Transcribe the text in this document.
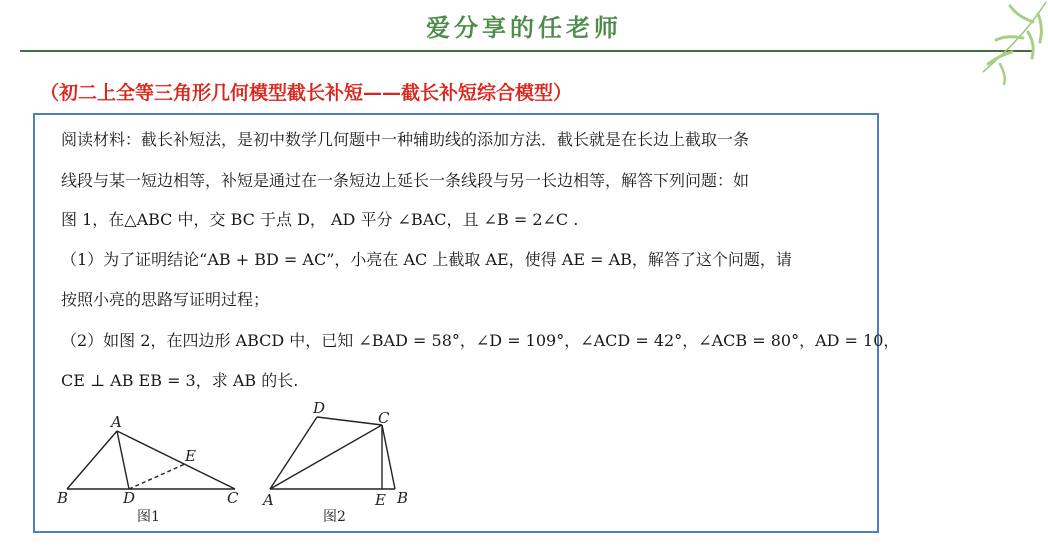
爱分享的任老师
（初二上全等三角形几何模型截长补短——截长补短综合模型）
阅读材料：截长补短法，是初中数学几何题中一种辅助线的添加方法．截长就是在长边上截取一条
线段与某一短边相等，补短是通过在一条短边上延长一条线段与另一长边相等，解答下列问题：如
图 1，在△ABC 中，交 BC 于点 D， AD 平分 ∠BAC，且 ∠B = 2∠C .
（1）为了证明结论“AB + BD = AC”，小亮在 AC 上截取 AE，使得 AE = AB，解答了这个问题，请
按照小亮的思路写证明过程；
（2）如图 2，在四边形 ABCD 中，已知 ∠BAD = 58°，∠D = 109°，∠ACD = 42°，∠ACB = 80°，AD = 10，
CE ⊥ AB EB = 3，求 AB 的长.
A
B	D	C
E
图1
D
C
A	E B
图2
